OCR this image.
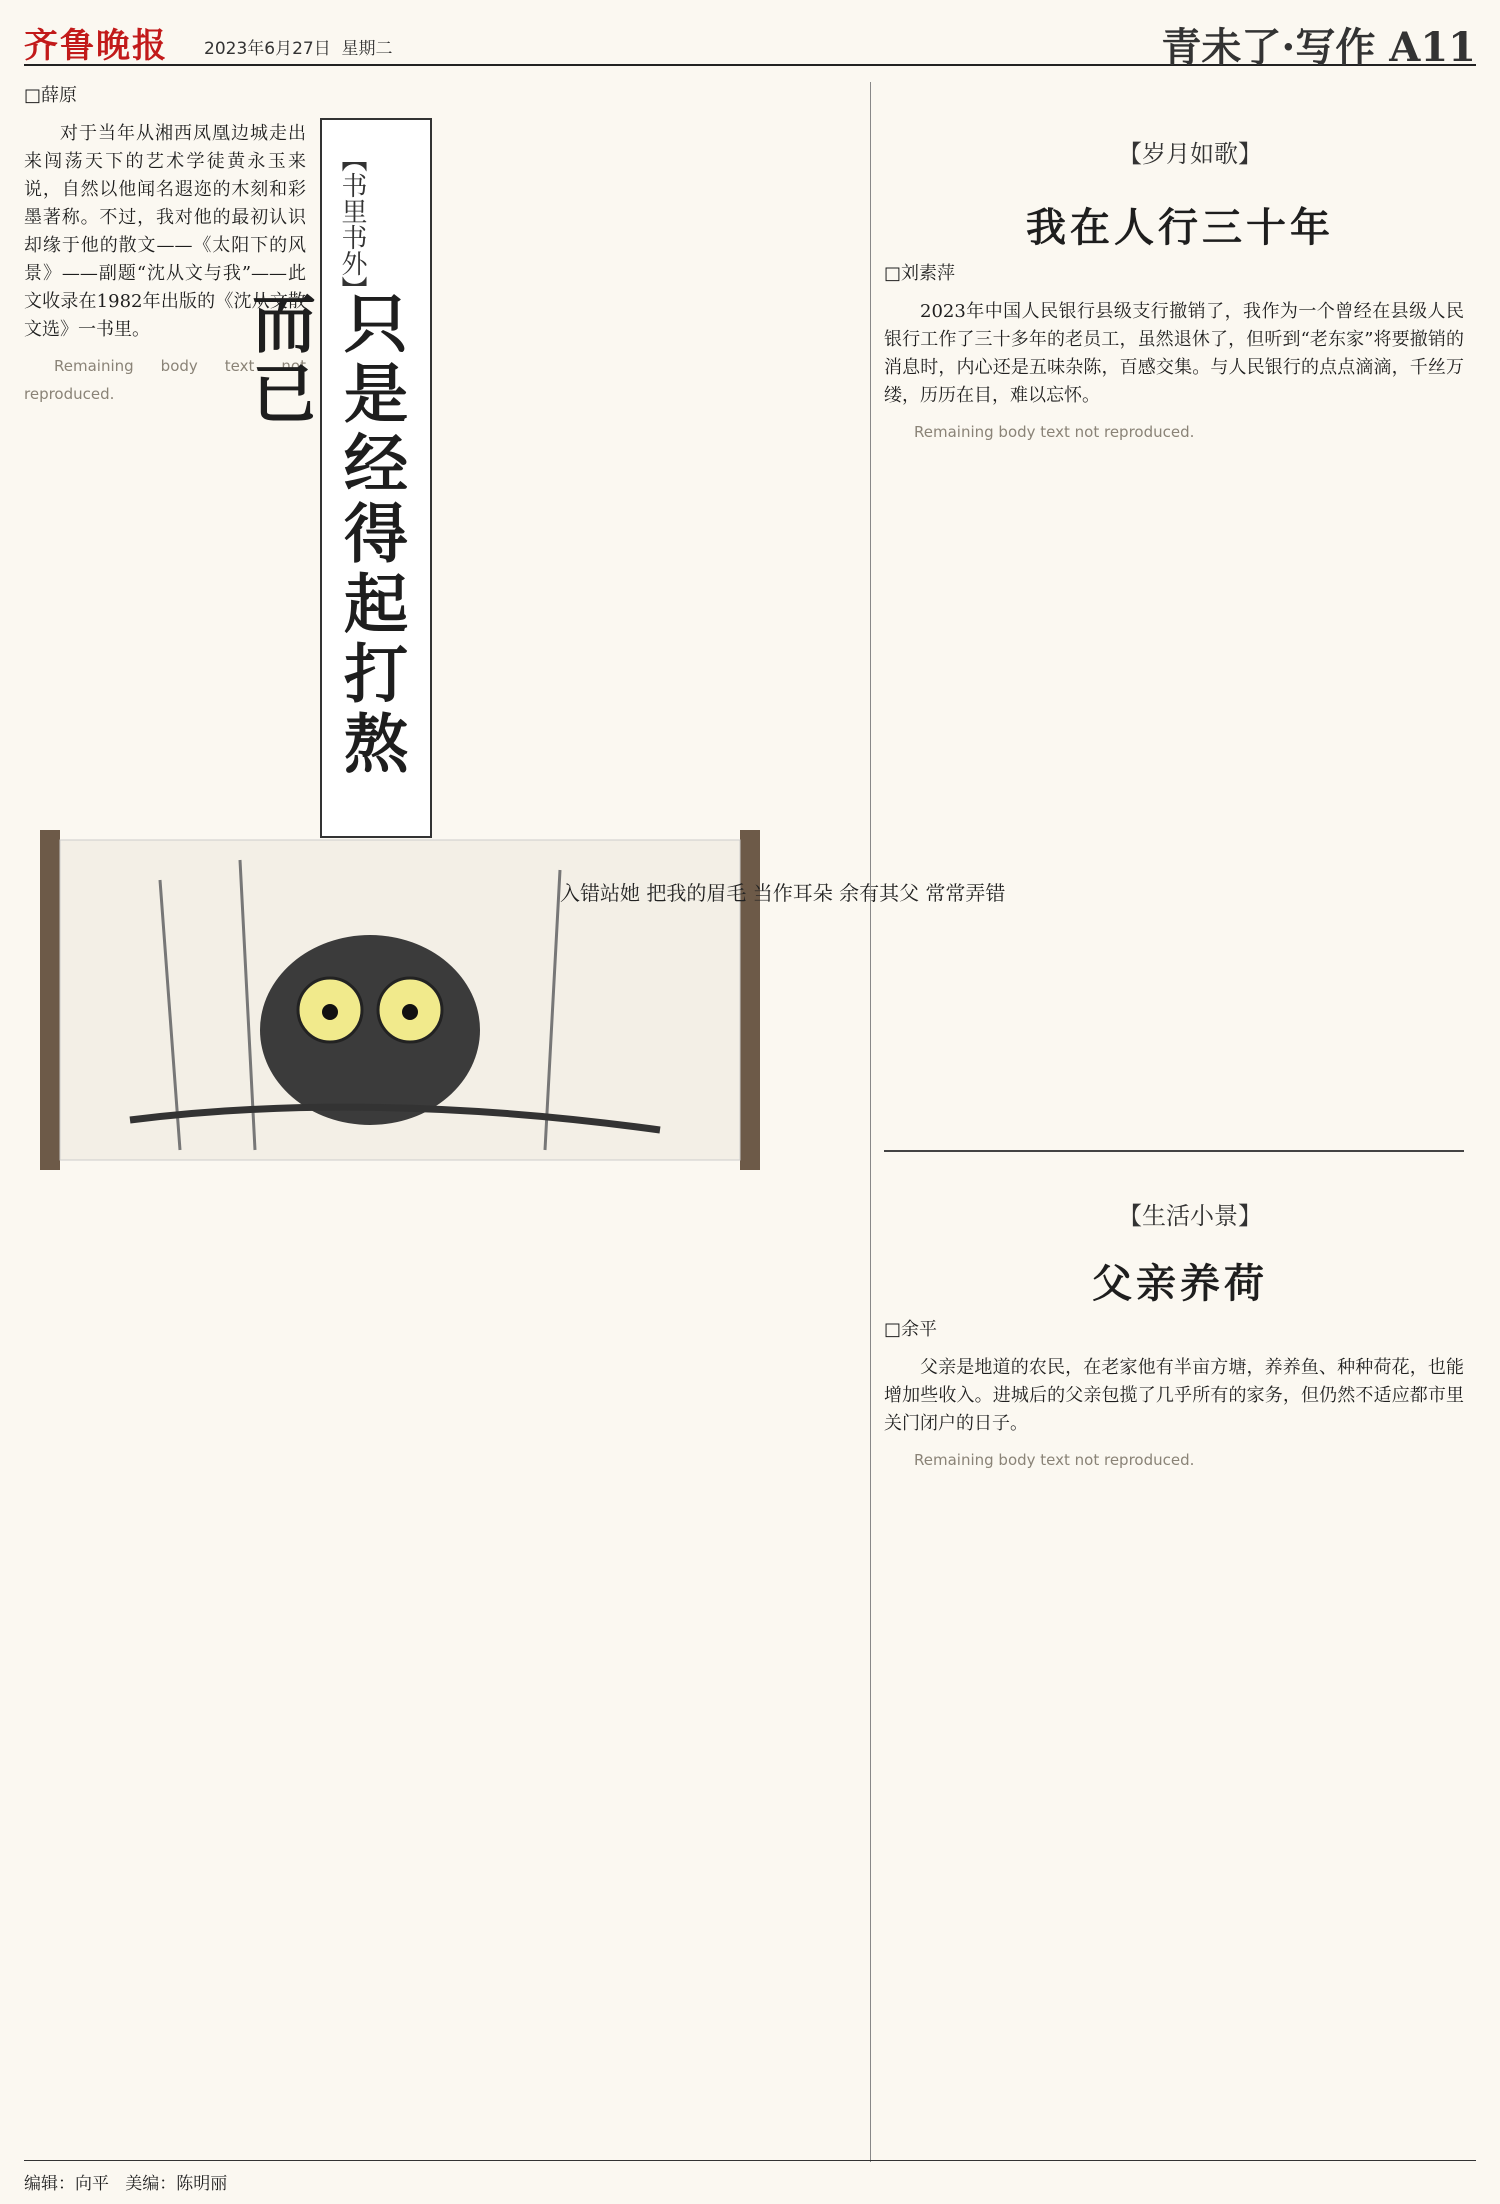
齐鲁晚报 2023年6月27日 星期二	青未了·写作 A11
□薛原

对于当年从湘西凤凰边城走出来闯荡天下的艺术学徒黄永玉来说，自然以他闻名遐迩的木刻和彩墨著称。不过，我对他的最初认识却缘于他的散文——《太阳下的风景》——副题“沈从文与我”——此文收录在1982年出版的《沈从文散文选》一书里。

Remaining body text not reproduced.

【书里书外】
只是经得起打熬而已
入错站她 把我的眉毛 当作耳朵 余有其父 常常弄错
【岁月如歌】
我在人行三十年
□刘素萍

2023年中国人民银行县级支行撤销了，我作为一个曾经在县级人民银行工作了三十多年的老员工，虽然退休了，但听到“老东家”将要撤销的消息时，内心还是五味杂陈，百感交集。与人民银行的点点滴滴，千丝万缕，历历在目，难以忘怀。

Remaining body text not reproduced.

【生活小景】
父亲养荷
□余平

父亲是地道的农民，在老家他有半亩方塘，养养鱼、种种荷花，也能增加些收入。进城后的父亲包揽了几乎所有的家务，但仍然不适应都市里关门闭户的日子。

Remaining body text not reproduced.

编辑：向平 美编：陈明丽
